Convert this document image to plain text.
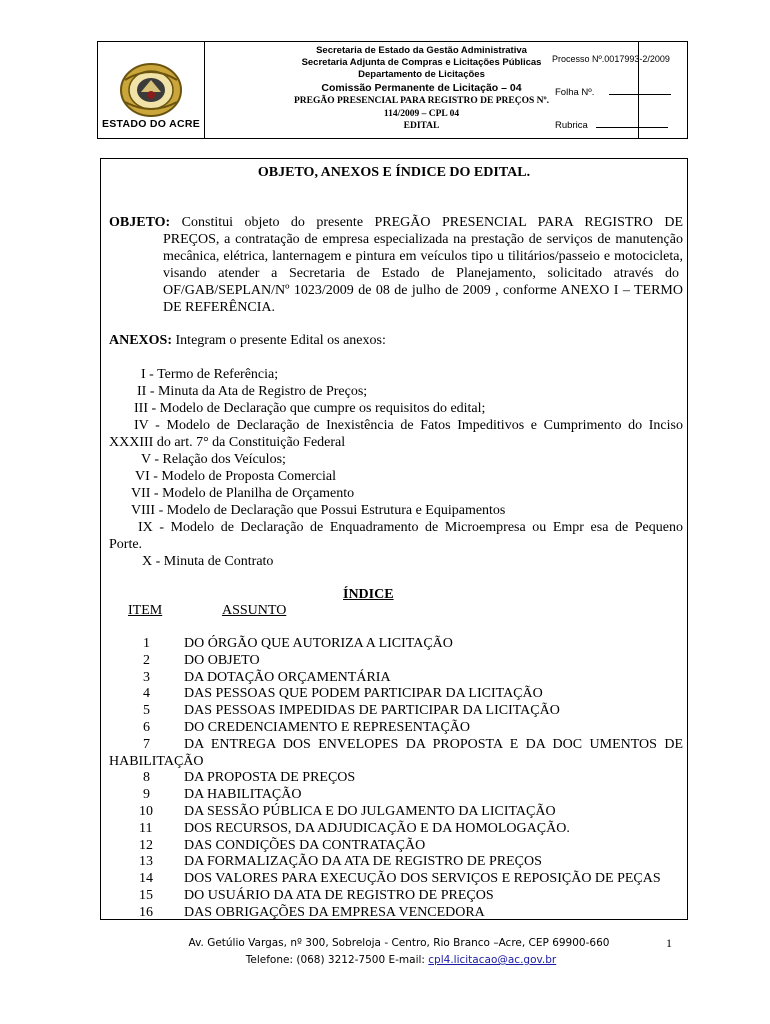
ESTADO DO ACRE
Secretaria de Estado da Gestão Administrativa
Secretaria Adjunta de Compras e Licitações Públicas
Departamento de Licitações
Comissão Permanente de Licitação – 04
PREGÃO PRESENCIAL PARA REGISTRO DE PREÇOS Nº.
114/2009 – CPL 04
EDITAL
Processo Nº.0017993-2/2009
Folha Nº.
Rubrica
OBJETO, ANEXOS E ÍNDICE DO EDITAL.
OBJETO: Constitui objeto do presente PREGÃO PRESENCIAL PARA REGISTRO DE
PREÇOS, a contratação de empresa especializada na prestação de serviços de manutenção
mecânica, elétrica, lanternagem e pintura em veículos tipo u tilitários/passeio e motocicleta,
visando atender a Secretaria de Estado de Planejamento, solicitado através do
OF/GAB/SEPLAN/Nº 1023/2009 de 08 de julho de 2009 , conforme ANEXO I – TERMO
DE REFERÊNCIA.
ANEXOS: Integram o presente Edital os anexos:
I - Termo de Referência;
II - Minuta da Ata de Registro de Preços;
III - Modelo de Declaração que cumpre os requisitos do edital;
IV - Modelo de Declaração de Inexistência de Fatos Impeditivos e Cumprimento do Inciso
XXXIII do art. 7° da Constituição Federal
V - Relação dos Veículos;
VI - Modelo de Proposta Comercial
VII - Modelo de Planilha de Orçamento
VIII - Modelo de Declaração que Possui Estrutura e Equipamentos
IX - Modelo de Declaração de Enquadramento de Microempresa ou Empr esa de Pequeno
Porte.
X - Minuta de Contrato
ÍNDICE
ITEM	ASSUNTO
1 DO ÓRGÃO QUE AUTORIZA A LICITAÇÃO
2 DO OBJETO
3 DA DOTAÇÃO ORÇAMENTÁRIA
4 DAS PESSOAS QUE PODEM PARTICIPAR DA LICITAÇÃO
5 DAS PESSOAS IMPEDIDAS DE PARTICIPAR DA LICITAÇÃO
6 DO CREDENCIAMENTO E REPRESENTAÇÃO
7 DA ENTREGA DOS ENVELOPES DA PROPOSTA E DA DOC UMENTOS DE
HABILITAÇÃO
8 DA PROPOSTA DE PREÇOS
9 DA HABILITAÇÃO
10 DA SESSÃO PÚBLICA E DO JULGAMENTO DA LICITAÇÃO
11 DOS RECURSOS, DA ADJUDICAÇÃO E DA HOMOLOGAÇÃO.
12 DAS CONDIÇÕES DA CONTRATAÇÃO
13 DA FORMALIZAÇÃO DA ATA DE REGISTRO DE PREÇOS
14 DOS VALORES PARA EXECUÇÃO DOS SERVIÇOS E REPOSIÇÃO DE PEÇAS
15 DO USUÁRIO DA ATA DE REGISTRO DE PREÇOS
16 DAS OBRIGAÇÕES DA EMPRESA VENCEDORA
1
Av. Getúlio Vargas, nº 300, Sobreloja - Centro, Rio Branco –Acre, CEP 69900-660
Telefone: (068) 3212-7500 E-mail: cpl4.licitacao@ac.gov.br
